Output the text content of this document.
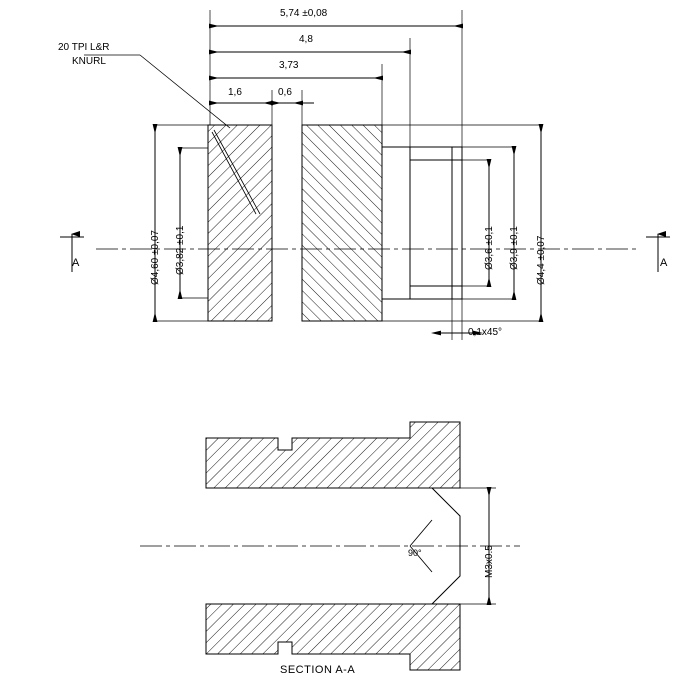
5,74 ±0,08
4,8
3,73
1,6	0,6
Ø4,60 ±0,07 Ø3,82 ±0,1	Ø3,6 ±0,1 Ø3,9 ±0,1 Ø4,4 ±0,07
0,1x45°
20 TPI L&R
KNURL
A	A
M3x0.5
90°
SECTION A-A
